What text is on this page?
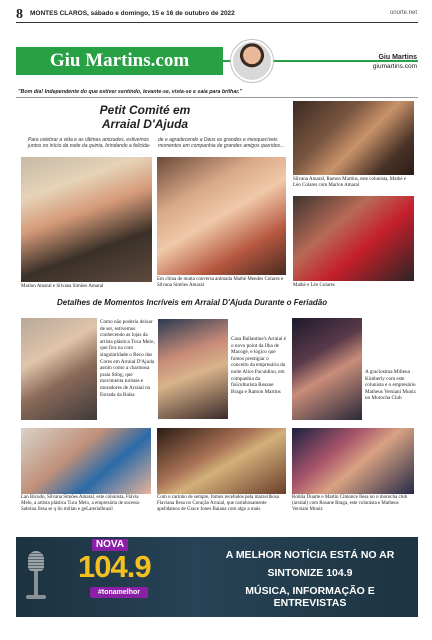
8 MONTES CLAROS, sábado e domingo, 15 e 16 de outubro de 2022	onorte.net
Giu Martins.com	Giu Martins
giumartins.com
"Bom dia! Independente do que estiver sentindo, levante-se, vista-se e saia para brilhar."
Petit Comité em
Arraial D'Ajuda
Para celebrar a vida e as últimas amizades, estivemos juntos no início da noite da quinta, brindando a felicida-
de e agradecendo a Deus as grandes e inesquecíveis momentos em companhia de grandes amigos queridos...
Silvana Amaral, Ramon Martins, este colunista, Mathé e Léo Colares com Marlon Amaral
Marlon Amaral e Silvana Simões Amaral
Em clima de muita conversa animada Mathé Mendes Colares e Silvana Simões Amaral	Mathé e Léo Colares
Detalhes de Momentos Incríveis em Arraial D'Ajuda Durante o Feriadão
Como não poderia deixar de ser, estivemos conhecendo as lojas da artista plástica Tuca Melo, que fica na com singularidade o Beco das Cores em Arraial D'Ajuda assim como a charmosa praia Sting, que movimenta turistas e moradores de Arraial na Estrada da Balsa
Casa Ballantine's Arraial é o novo point da Ilha de Macogê, e logico que fomos prestigiar o conceito da empresária da noite Alice Paculdino, em companhia da fisiculturista Rosane Braga e Ramon Martins
A graciosima Millena Kimberly com este colunista e o empresário Matheus Versiani Muniz no Morocha Club
Lan Bicudo, Silvana Simões Amaral, este colunista, Flávia Melo, a artista plástica Tuca Melo, a empresária de sucesso Sabrina Ilesa se q lio millan e geLaterialbrasil
Com o carinho de sempre, fomos recebidos pela maravilhosa Flaviana Ilesa no Coração Arraial, que carinhosamente apelidamos de Grace Jones Baiana com algo a mais
Roblia Duarte e Martin Cimonce Ilesa no o morocha club (arraial) com Rosane Braga, este colunista e Matheus Versiani Muniz
NOVA
104.9
#tonamelhor
A MELHOR NOTÍCIA ESTÁ NO AR
SINTONIZE 104.9
MÚSICA, INFORMAÇÃO E ENTREVISTAS
